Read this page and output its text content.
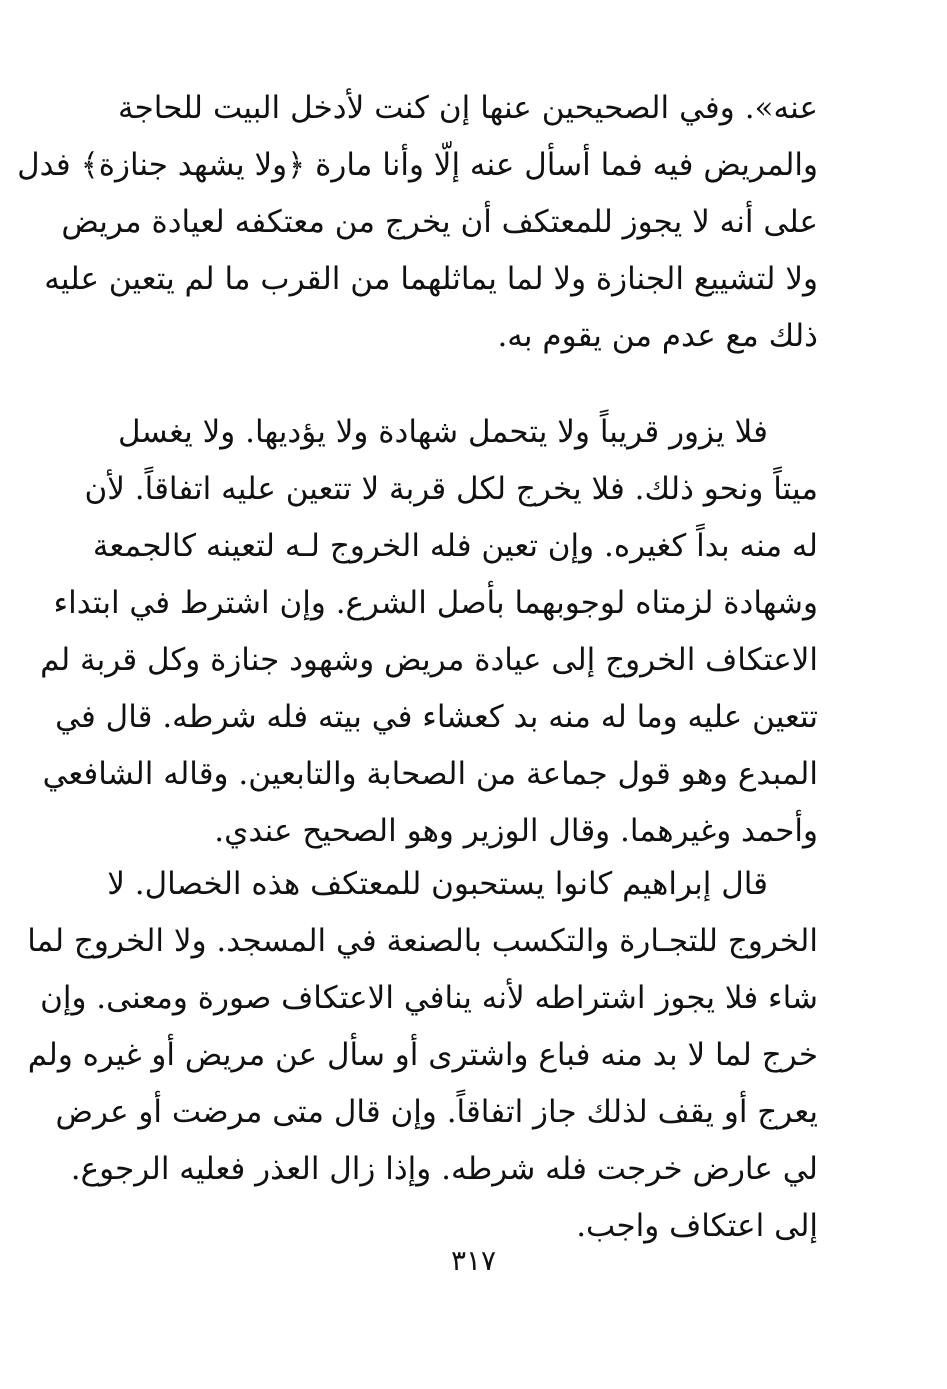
عنه». وفي الصحيحين عنها إن كنت لأدخل البيت للحاجة
والمريض فيه فما أسأل عنه إلّا وأنا مارة ﴿ولا يشهد جنازة﴾ فدل
على أنه لا يجوز للمعتكف أن يخرج من معتكفه لعيادة مريض
ولا لتشييع الجنازة ولا لما يماثلهما من القرب ما لم يتعين عليه
ذلك مع عدم من يقوم به.
فلا يزور قريباً ولا يتحمل شهادة ولا يؤديها. ولا يغسل
ميتاً ونحو ذلك. فلا يخرج لكل قربة لا تتعين عليه اتفاقاً. لأن
له منه بداً كغيره. وإن تعين فله الخروج لـه لتعينه كالجمعة
وشهادة لزمتاه لوجوبهما بأصل الشرع. وإن اشترط في ابتداء
الاعتكاف الخروج إلى عيادة مريض وشهود جنازة وكل قربة لم
تتعين عليه وما له منه بد كعشاء في بيته فله شرطه. قال في
المبدع وهو قول جماعة من الصحابة والتابعين. وقاله الشافعي
وأحمد وغيرهما. وقال الوزير وهو الصحيح عندي.
قال إبراهيم كانوا يستحبون للمعتكف هذه الخصال. لا
الخروج للتجـارة والتكسب بالصنعة في المسجد. ولا الخروج لما
شاء فلا يجوز اشتراطه لأنه ينافي الاعتكاف صورة ومعنى. وإن
خرج لما لا بد منه فباع واشترى أو سأل عن مريض أو غيره ولم
يعرج أو يقف لذلك جاز اتفاقاً. وإن قال متى مرضت أو عرض
لي عارض خرجت فله شرطه. وإذا زال العذر فعليه الرجوع.
إلى اعتكاف واجب.
٣١٧
